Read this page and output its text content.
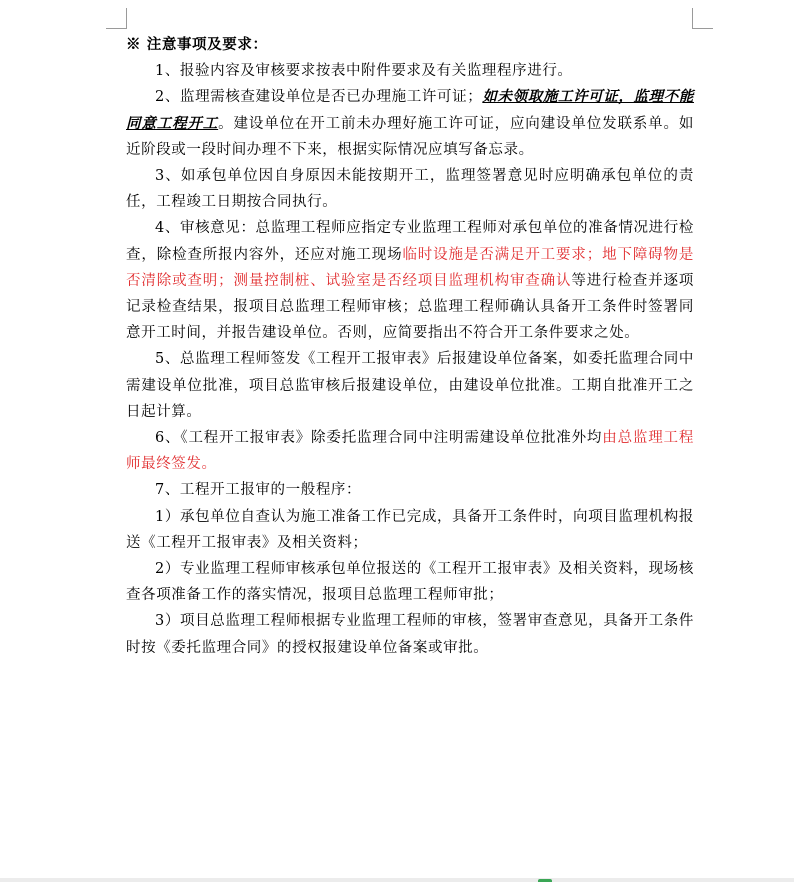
※ 注意事项及要求：

1、报验内容及审核要求按表中附件要求及有关监理程序进行。

2、监理需核查建设单位是否已办理施工许可证；如未领取施工许可证，监理不能同意工程开工。建设单位在开工前未办理好施工许可证，应向建设单位发联系单。如近阶段或一段时间办理不下来，根据实际情况应填写备忘录。

3、如承包单位因自身原因未能按期开工，监理签署意见时应明确承包单位的责任，工程竣工日期按合同执行。

4、审核意见：总监理工程师应指定专业监理工程师对承包单位的准备情况进行检查，除检查所报内容外，还应对施工现场临时设施是否满足开工要求；地下障碍物是否清除或查明；测量控制桩、试验室是否经项目监理机构审查确认等进行检查并逐项记录检查结果，报项目总监理工程师审核；总监理工程师确认具备开工条件时签署同意开工时间，并报告建设单位。否则，应简要指出不符合开工条件要求之处。

5、总监理工程师签发《工程开工报审表》后报建设单位备案，如委托监理合同中需建设单位批准，项目总监审核后报建设单位，由建设单位批准。工期自批准开工之日起计算。

6、《工程开工报审表》除委托监理合同中注明需建设单位批准外均由总监理工程师最终签发。

7、工程开工报审的一般程序：

1）承包单位自查认为施工准备工作已完成，具备开工条件时，向项目监理机构报送《工程开工报审表》及相关资料；

2）专业监理工程师审核承包单位报送的《工程开工报审表》及相关资料，现场核查各项准备工作的落实情况，报项目总监理工程师审批；

3）项目总监理工程师根据专业监理工程师的审核，签署审查意见，具备开工条件时按《委托监理合同》的授权报建设单位备案或审批。
